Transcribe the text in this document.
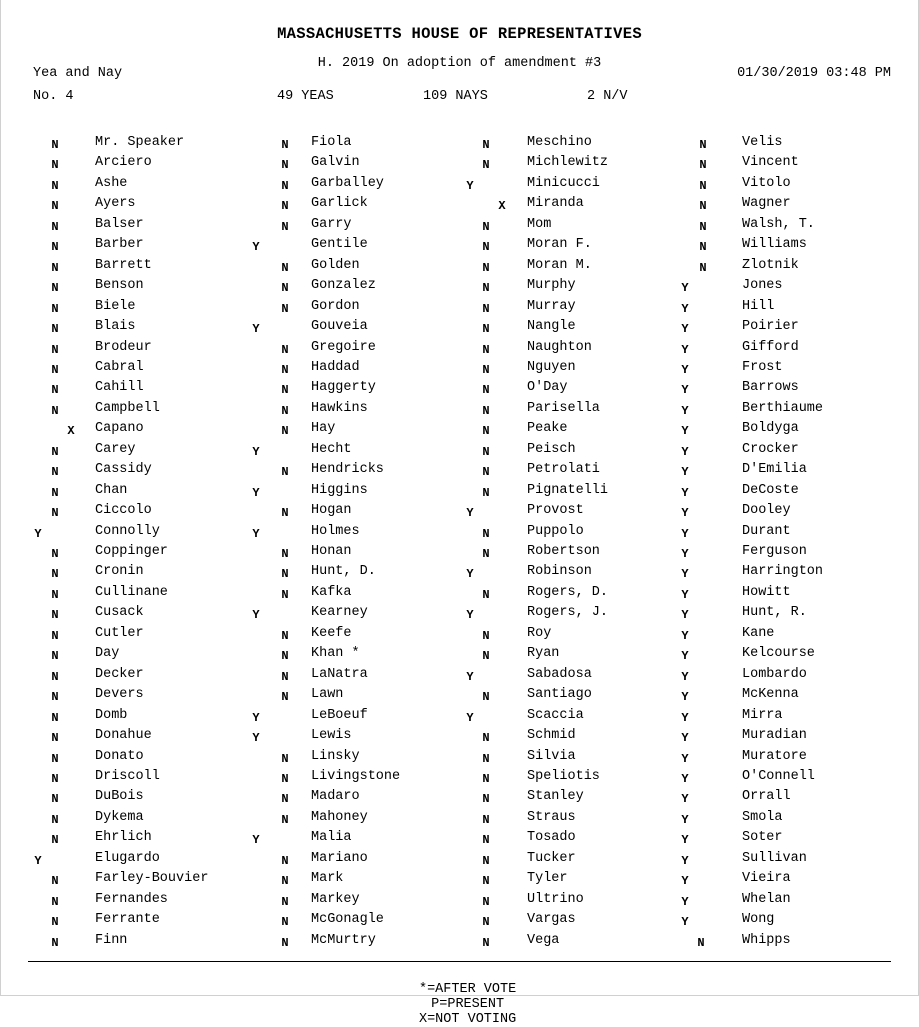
MASSACHUSETTS HOUSE OF REPRESENTATIVES
H. 2019 On adoption of amendment #3
Yea and Nay	01/30/2019 03:48 PM
No. 4	49 YEAS	109 NAYS	2 N/V
N	Mr. Speaker
N	Arciero
N	Ashe
N	Ayers
N	Balser
N	Barber
N	Barrett
N	Benson
N	Biele
N	Blais
N	Brodeur
N	Cabral
N	Cahill
N	Campbell
X Capano
N	Carey
N	Cassidy
N	Chan
N	Ciccolo
Y	Connolly
N	Coppinger
N	Cronin
N	Cullinane
N	Cusack
N	Cutler
N	Day
N	Decker
N	Devers
N	Domb
N	Donahue
N	Donato
N	Driscoll
N	DuBois
N	Dykema
N	Ehrlich
Y	Elugardo
N	Farley-Bouvier
N	Fernandes
N	Ferrante
N	Finn
N Fiola
N Galvin
N Garballey
N Garlick
N Garry
Y	Gentile
N Golden
N Gonzalez
N Gordon
Y	Gouveia
N Gregoire
N Haddad
N Haggerty
N Hawkins
N Hay
Y	Hecht
N Hendricks
Y	Higgins
N Hogan
Y	Holmes
N Honan
N Hunt, D.
N Kafka
Y	Kearney
N Keefe
N Khan *
N LaNatra
N Lawn
Y	LeBoeuf
Y	Lewis
N Linsky
N Livingstone
N Madaro
N Mahoney
Y	Malia
N Mariano
N Mark
N Markey
N McGonagle
N McMurtry
N	Meschino
N	Michlewitz
Y	Minicucci
X Miranda
N	Mom
N	Moran F.
N	Moran M.
N	Murphy
N	Murray
N	Nangle
N	Naughton
N	Nguyen
N	O'Day
N	Parisella
N	Peake
N	Peisch
N	Petrolati
N	Pignatelli
Y	Provost
N	Puppolo
N	Robertson
Y	Robinson
N	Rogers, D.
Y	Rogers, J.
N	Roy
N	Ryan
Y	Sabadosa
N	Santiago
Y	Scaccia
N	Schmid
N	Silvia
N	Speliotis
N	Stanley
N	Straus
N	Tosado
N	Tucker
N	Tyler
N	Ultrino
N	Vargas
N	Vega
N	Velis
N	Vincent
N	Vitolo
N	Wagner
N	Walsh, T.
N	Williams
N	Zlotnik
Y	Jones
Y	Hill
Y	Poirier
Y	Gifford
Y	Frost
Y	Barrows
Y	Berthiaume
Y	Boldyga
Y	Crocker
Y	D'Emilia
Y	DeCoste
Y	Dooley
Y	Durant
Y	Ferguson
Y	Harrington
Y	Howitt
Y	Hunt, R.
Y	Kane
Y	Kelcourse
Y	Lombardo
Y	McKenna
Y	Mirra
Y	Muradian
Y	Muratore
Y	O'Connell
Y	Orrall
Y	Smola
Y	Soter
Y	Sullivan
Y	Vieira
Y	Whelan
Y	Wong
N	Whipps

*=AFTER VOTE
P=PRESENT
X=NOT VOTING
